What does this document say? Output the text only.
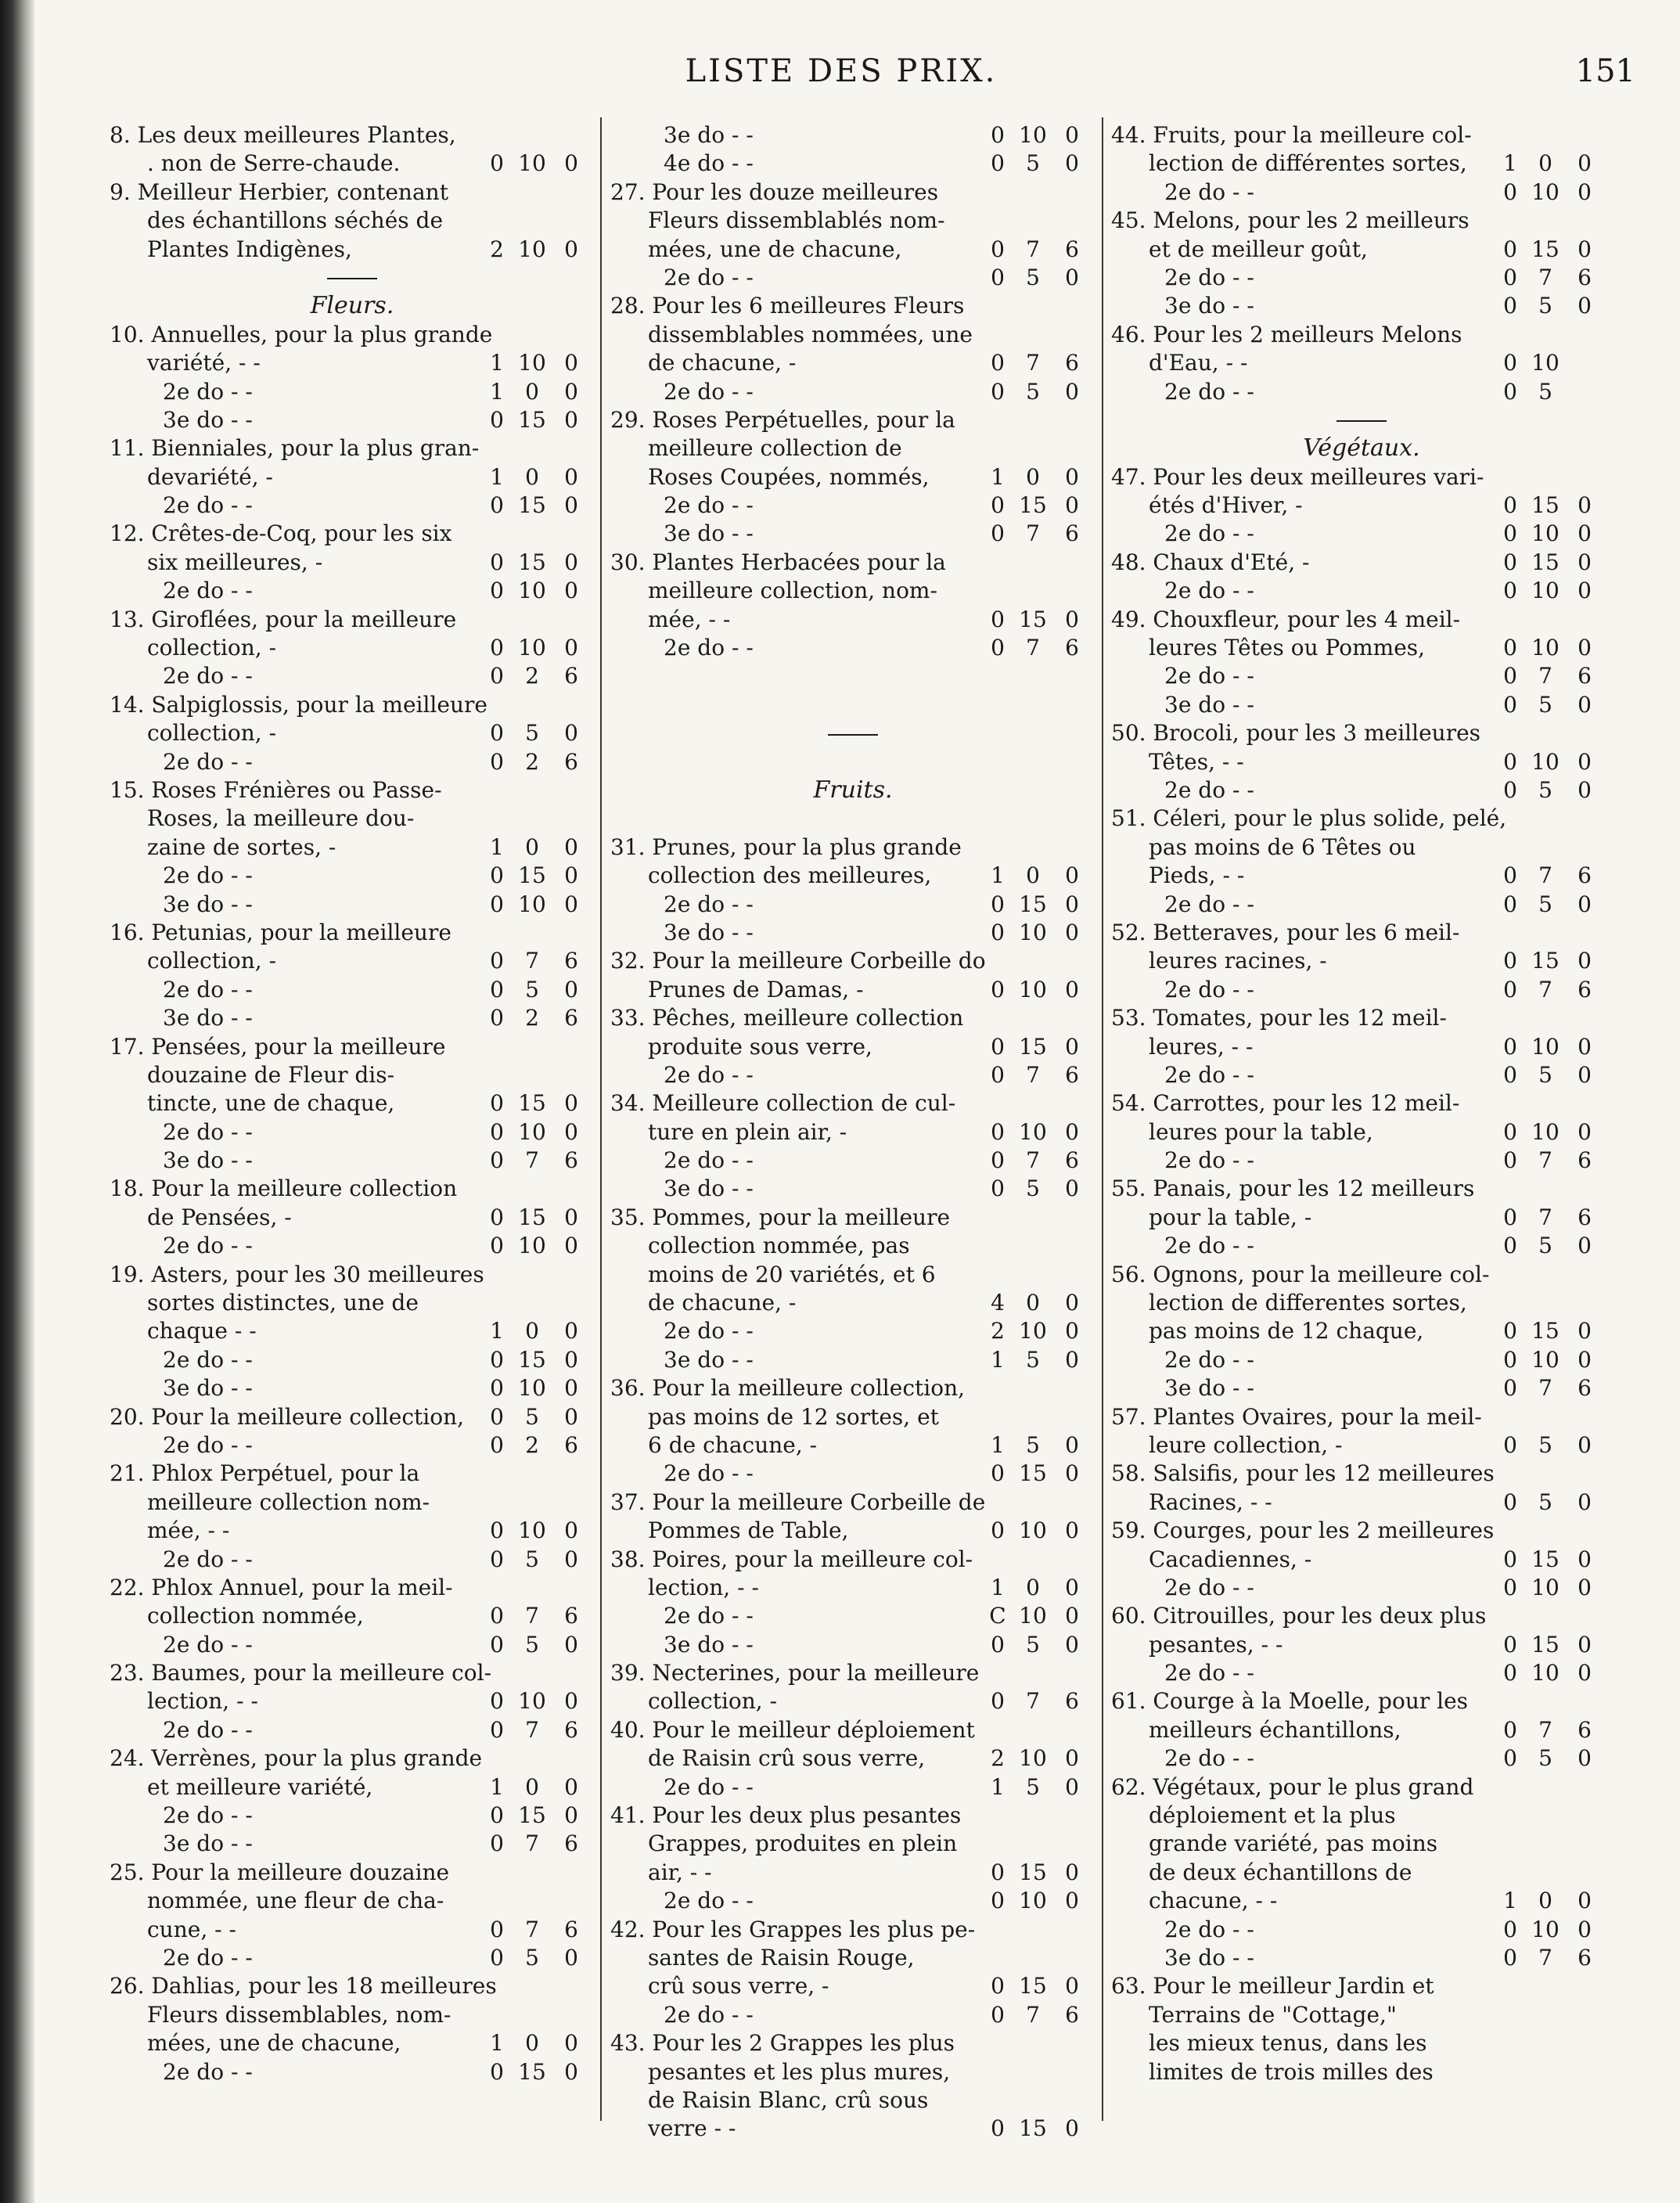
LISTE DES PRIX.	151
8. Les deux meilleures Plantes,
. non de Serre-chaude.	0 10 0
9. Meilleur Herbier, contenant
des échantillons séchés de
Plantes Indigènes,	2 10 0
Fleurs.
10. Annuelles, pour la plus grande
variété, - -	1 10 0
2e do - -	1 0	0
3e do - -	0 15 0
11. Bienniales, pour la plus gran-
devariété, -	1 0	0
2e do - -	0 15 0
12. Crêtes-de-Coq, pour les six
six meilleures, -	0 15 0
2e do - -	0 10 0
13. Giroflées, pour la meilleure
collection, -	0 10 0
2e do - -	0 2	6
14. Salpiglossis, pour la meilleure
collection, -	0 5	0
2e do - -	0 2	6
15. Roses Frénières ou Passe-
Roses, la meilleure dou-
zaine de sortes, -	1 0	0
2e do - -	0 15 0
3e do - -	0 10 0
16. Petunias, pour la meilleure
collection, -	0 7	6
2e do - -	0 5	0
3e do - -	0 2	6
17. Pensées, pour la meilleure
douzaine de Fleur dis-
tincte, une de chaque,	0 15 0
2e do - -	0 10 0
3e do - -	0 7	6
18. Pour la meilleure collection
de Pensées, -	0 15 0
2e do - -	0 10 0
19. Asters, pour les 30 meilleures
sortes distinctes, une de
chaque - -	1 0	0
2e do - -	0 15 0
3e do - -	0 10 0
20. Pour la meilleure collection,	0 5	0
2e do - -	0 2	6
21. Phlox Perpétuel, pour la
meilleure collection nom-
mée, - -	0 10 0
2e do - -	0 5	0
22. Phlox Annuel, pour la meil-
collection nommée,	0 7	6
2e do - -	0 5	0
23. Baumes, pour la meilleure col-
lection, - -	0 10 0
2e do - -	0 7	6
24. Verrènes, pour la plus grande
et meilleure variété,	1 0	0
2e do - -	0 15 0
3e do - -	0 7	6
25. Pour la meilleure douzaine
nommée, une fleur de cha-
cune, - -	0 7	6
2e do - -	0 5	0
26. Dahlias, pour les 18 meilleures
Fleurs dissemblables, nom-
mées, une de chacune,	1 0	0
2e do - -	0 15 0
3e do - -	0 10 0
4e do - -	0 5	0
27. Pour les douze meilleures
Fleurs dissemblablés nom-
mées, une de chacune,	0 7	6
2e do - -	0 5	0
28. Pour les 6 meilleures Fleurs
dissemblables nommées, une
de chacune, -	0 7	6
2e do - -	0 5	0
29. Roses Perpétuelles, pour la
meilleure collection de
Roses Coupées, nommés,	1 0	0
2e do - -	0 15 0
3e do - -	0 7	6
30. Plantes Herbacées pour la
meilleure collection, nom-
mée, - -	0 15 0
2e do - -	0 7	6
Fruits.
31. Prunes, pour la plus grande
collection des meilleures,	1 0	0
2e do - -	0 15 0
3e do - -	0 10 0
32. Pour la meilleure Corbeille do
Prunes de Damas, -	0 10 0
33. Pêches, meilleure collection
produite sous verre,	0 15 0
2e do - -	0 7	6
34. Meilleure collection de cul-
ture en plein air, -	0 10 0
2e do - -	0 7	6
3e do - -	0 5	0
35. Pommes, pour la meilleure
collection nommée, pas
moins de 20 variétés, et 6
de chacune, -	4 0	0
2e do - -	2 10 0
3e do - -	1 5	0
36. Pour la meilleure collection,
pas moins de 12 sortes, et
6 de chacune, -	1 5	0
2e do - -	0 15 0
37. Pour la meilleure Corbeille de
Pommes de Table,	0 10 0
38. Poires, pour la meilleure col-
lection, - -	1 0	0
2e do - -	C 10 0
3e do - -	0 5	0
39. Necterines, pour la meilleure
collection, -	0 7	6
40. Pour le meilleur déploiement
de Raisin crû sous verre,	2 10 0
2e do - -	1 5	0
41. Pour les deux plus pesantes
Grappes, produites en plein
air, - -	0 15 0
2e do - -	0 10 0
42. Pour les Grappes les plus pe-
santes de Raisin Rouge,
crû sous verre, -	0 15 0
2e do - -	0 7	6
43. Pour les 2 Grappes les plus
pesantes et les plus mures,
de Raisin Blanc, crû sous
verre - -	0 15 0
44. Fruits, pour la meilleure col-
lection de différentes sortes,	1 0	0
2e do - -	0 10 0
45. Melons, pour les 2 meilleurs
et de meilleur goût,	0 15 0
2e do - -	0 7	6
3e do - -	0 5	0
46. Pour les 2 meilleurs Melons
d'Eau, - -	0 10
2e do - -	0 5
Végétaux.
47. Pour les deux meilleures vari-
étés d'Hiver, -	0 15 0
2e do - -	0 10 0
48. Chaux d'Eté, -	0 15 0
2e do - -	0 10 0
49. Chouxfleur, pour les 4 meil-
leures Têtes ou Pommes,	0 10 0
2e do - -	0 7	6
3e do - -	0 5	0
50. Brocoli, pour les 3 meilleures
Têtes, - -	0 10 0
2e do - -	0 5	0
51. Céleri, pour le plus solide, pelé,
pas moins de 6 Têtes ou
Pieds, - -	0 7	6
2e do - -	0 5	0
52. Betteraves, pour les 6 meil-
leures racines, -	0 15 0
2e do - -	0 7	6
53. Tomates, pour les 12 meil-
leures, - -	0 10 0
2e do - -	0 5	0
54. Carrottes, pour les 12 meil-
leures pour la table,	0 10 0
2e do - -	0 7	6
55. Panais, pour les 12 meilleurs
pour la table, -	0 7	6
2e do - -	0 5	0
56. Ognons, pour la meilleure col-
lection de differentes sortes,
pas moins de 12 chaque,	0 15 0
2e do - -	0 10 0
3e do - -	0 7	6
57. Plantes Ovaires, pour la meil-
leure collection, -	0 5	0
58. Salsifis, pour les 12 meilleures
Racines, - -	0 5	0
59. Courges, pour les 2 meilleures
Cacadiennes, -	0 15 0
2e do - -	0 10 0
60. Citrouilles, pour les deux plus
pesantes, - -	0 15 0
2e do - -	0 10 0
61. Courge à la Moelle, pour les
meilleurs échantillons,	0 7	6
2e do - -	0 5	0
62. Végétaux, pour le plus grand
déploiement et la plus
grande variété, pas moins
de deux échantillons de
chacune, - -	1 0	0
2e do - -	0 10 0
3e do - -	0 7	6
63. Pour le meilleur Jardin et
Terrains de "Cottage,"
les mieux tenus, dans les
limites de trois milles des
